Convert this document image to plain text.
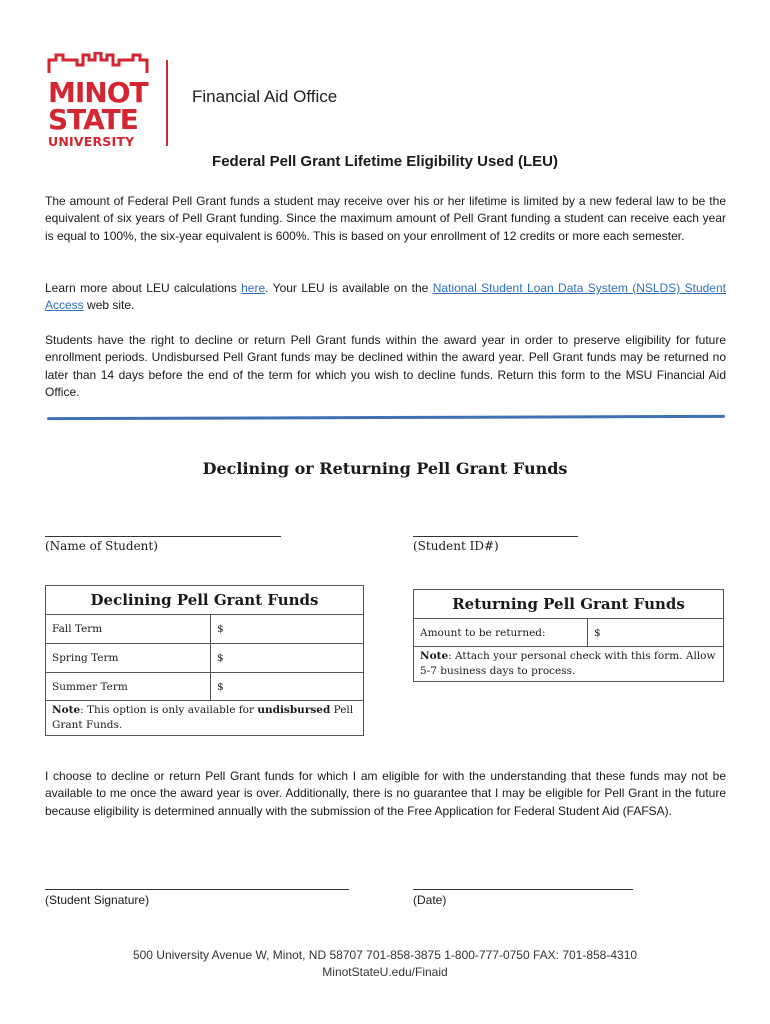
MINOT
STATE
UNIVERSITY
Financial Aid Office
Federal Pell Grant Lifetime Eligibility Used (LEU)
The amount of Federal Pell Grant funds a student may receive over his or her lifetime is limited by a new federal law to be the equivalent of six years of Pell Grant funding. Since the maximum amount of Pell Grant funding a student can receive each year is equal to 100%, the six-year equivalent is 600%. This is based on your enrollment of 12 credits or more each semester.
Learn more about LEU calculations here. Your LEU is available on the National Student Loan Data System (NSLDS) Student Access web site.
Students have the right to decline or return Pell Grant funds within the award year in order to preserve eligibility for future enrollment periods. Undisbursed Pell Grant funds may be declined within the award year. Pell Grant funds may be returned no later than 14 days before the end of the term for which you wish to decline funds. Return this form to the MSU Financial Aid Office.
Declining or Returning Pell Grant Funds
(Name of Student)	(Student ID#)
Declining Pell Grant Funds	
Fall Term	$
Spring Term	$
Summer Term	$
Note: This option is only available for undisbursed Pell Grant Funds.	
Returning Pell Grant Funds
Amount to be returned:	$
Note: Attach your personal check with this form. Allow 5-7 business days to process.
I choose to decline or return Pell Grant funds for which I am eligible for with the understanding that these funds may not be available to me once the award year is over. Additionally, there is no guarantee that I may be eligible for Pell Grant in the future because eligibility is determined annually with the submission of the Free Application for Federal Student Aid (FAFSA).
(Student Signature)	(Date)
500 University Avenue W, Minot, ND 58707 701-858-3875 1-800-777-0750 FAX: 701-858-4310
MinotStateU.edu/Finaid
